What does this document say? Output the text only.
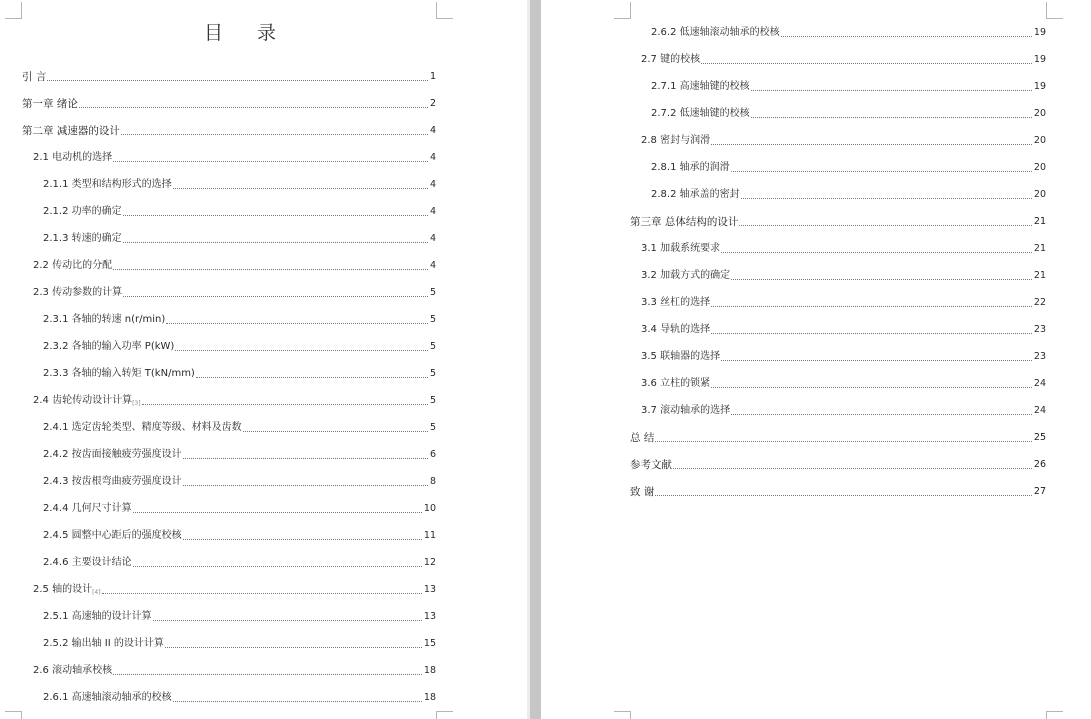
目 录
引 言	1
第一章 绪论	2
第二章 减速器的设计	4
2.1 电动机的选择	4
2.1.1 类型和结构形式的选择	4
2.1.2 功率的确定	4
2.1.3 转速的确定	4
2.2 传动比的分配	4
2.3 传动参数的计算	5
2.3.1 各轴的转速 n(r/min)	5
2.3.2 各轴的输入功率 P(kW)	5
2.3.3 各轴的输入转矩 T(kN/mm)	5
2.4 齿轮传动设计计算$_{[3]}$	5
2.4.1 选定齿轮类型、精度等级、材料及齿数	5
2.4.2 按齿面接触疲劳强度设计	6
2.4.3 按齿根弯曲疲劳强度设计	8
2.4.4 几何尺寸计算	10
2.4.5 圆整中心距后的强度校核	11
2.4.6 主要设计结论	12
2.5 轴的设计$_{[4]}$	13
2.5.1 高速轴的设计计算	13
2.5.2 输出轴 II 的设计计算	15
2.6 滚动轴承校核	18
2.6.1 高速轴滚动轴承的校核	18
2.6.2 低速轴滚动轴承的校核	19
2.7 键的校核	19
2.7.1 高速轴键的校核	19
2.7.2 低速轴键的校核	20
2.8 密封与润滑	20
2.8.1 轴承的润滑	20
2.8.2 轴承盖的密封	20
第三章 总体结构的设计	21
3.1 加载系统要求	21
3.2 加载方式的确定	21
3.3 丝杠的选择	22
3.4 导轨的选择	23
3.5 联轴器的选择	23
3.6 立柱的锁紧	24
3.7 滚动轴承的选择	24
总 结	25
参考文献	26
致 谢	27
